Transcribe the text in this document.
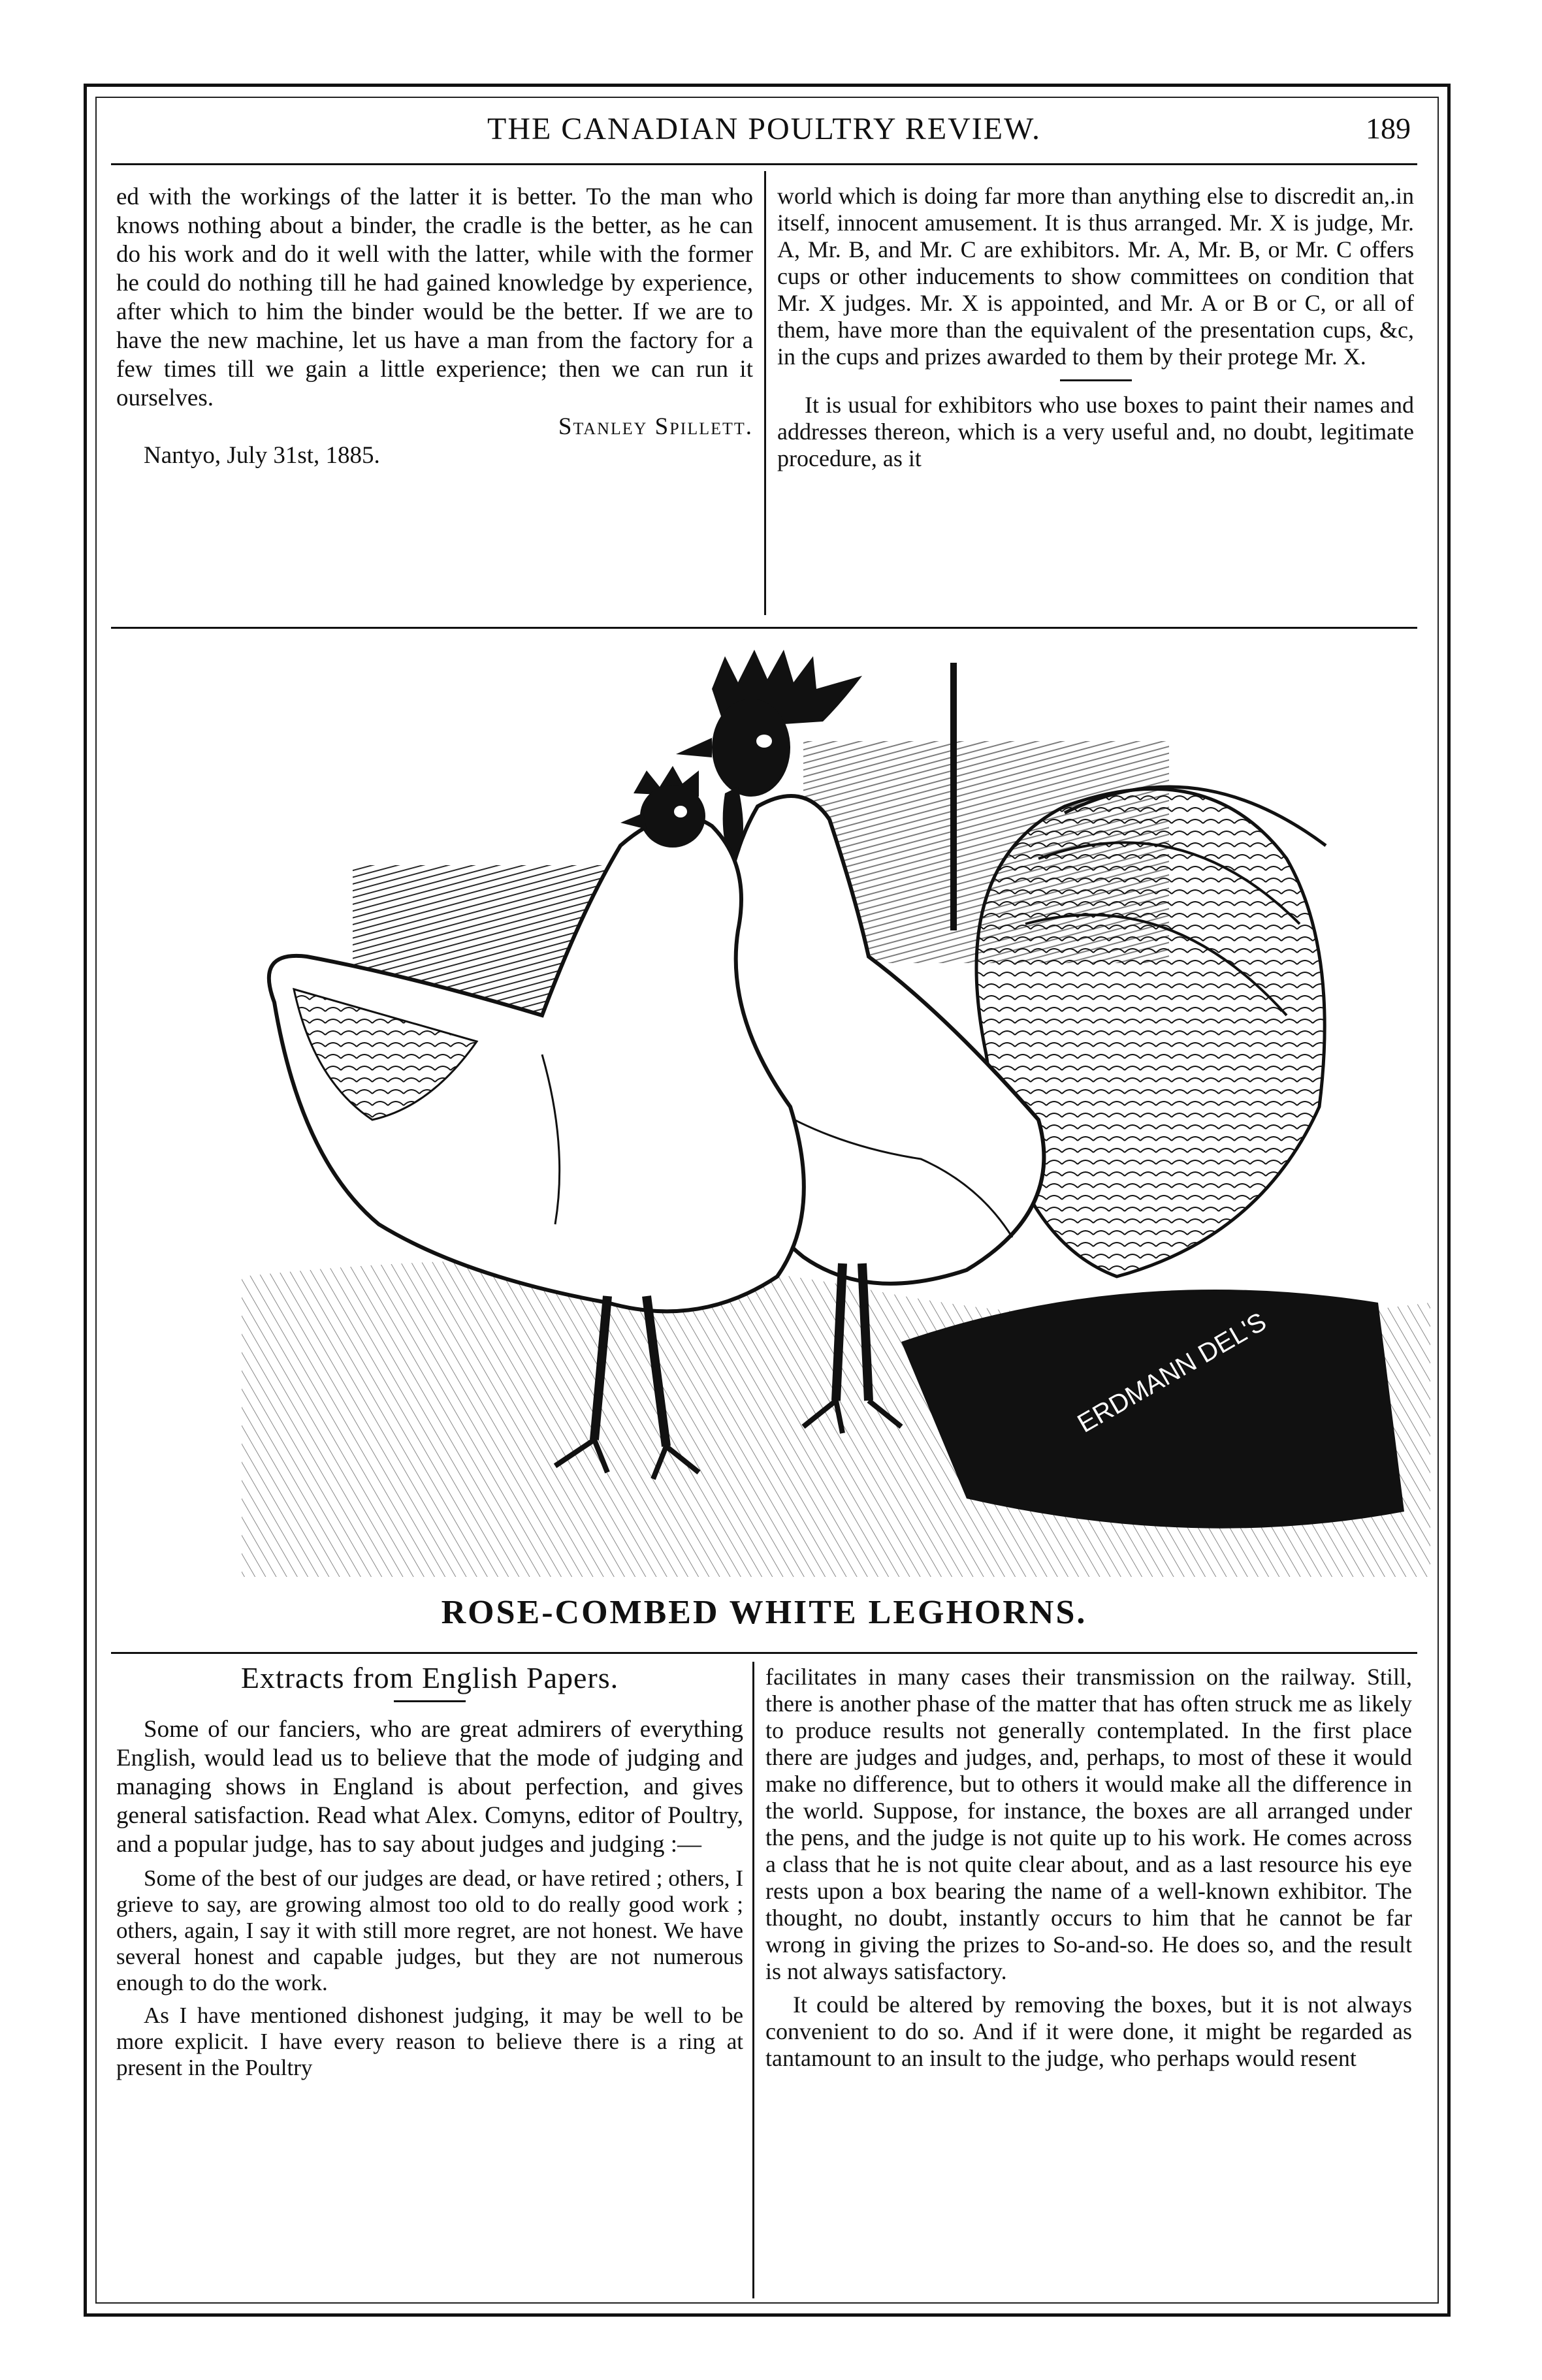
THE CANADIAN POULTRY REVIEW.	189

ed with the workings of the latter it is better. To the man who knows nothing about a binder, the cradle is the better, as he can do his work and do it well with the latter, while with the former he could do nothing till he had gained knowledge by experience, after which to him the binder would be the better. If we are to have the new machine, let us have a man from the factory for a few times till we gain a little experience; then we can run it ourselves.

Stanley Spillett.

Nantyo, July 31st, 1885.

world which is doing far more than anything else to discredit an,.in itself, innocent amusement. It is thus arranged. Mr. X is judge, Mr. A, Mr. B, and Mr. C are exhibitors. Mr. A, Mr. B, or Mr. C offers cups or other inducements to show committees on condition that Mr. X judges. Mr. X is appointed, and Mr. A or B or C, or all of them, have more than the equivalent of the presentation cups, &c, in the cups and prizes awarded to them by their protege Mr. X.

It is usual for exhibitors who use boxes to paint their names and addresses thereon, which is a very useful and, no doubt, legitimate procedure, as it

ERDMANN DEL'S
ROSE-COMBED WHITE LEGHORNS.

Extracts from English Papers.

Some of our fanciers, who are great admirers of everything English, would lead us to believe that the mode of judging and managing shows in England is about perfection, and gives general satisfaction. Read what Alex. Comyns, editor of Poultry, and a popular judge, has to say about judges and judging :—

Some of the best of our judges are dead, or have retired ; others, I grieve to say, are growing almost too old to do really good work ; others, again, I say it with still more regret, are not honest. We have several honest and capable judges, but they are not numerous enough to do the work.

As I have mentioned dishonest judging, it may be well to be more explicit. I have every reason to believe there is a ring at present in the Poultry

facilitates in many cases their transmission on the railway. Still, there is another phase of the matter that has often struck me as likely to produce results not generally contemplated. In the first place there are judges and judges, and, perhaps, to most of these it would make no difference, but to others it would make all the difference in the world. Suppose, for instance, the boxes are all arranged under the pens, and the judge is not quite up to his work. He comes across a class that he is not quite clear about, and as a last resource his eye rests upon a box bearing the name of a well-known exhibitor. The thought, no doubt, instantly occurs to him that he cannot be far wrong in giving the prizes to So-and-so. He does so, and the result is not always satisfactory.

It could be altered by removing the boxes, but it is not always convenient to do so. And if it were done, it might be regarded as tantamount to an insult to the judge, who perhaps would resent
